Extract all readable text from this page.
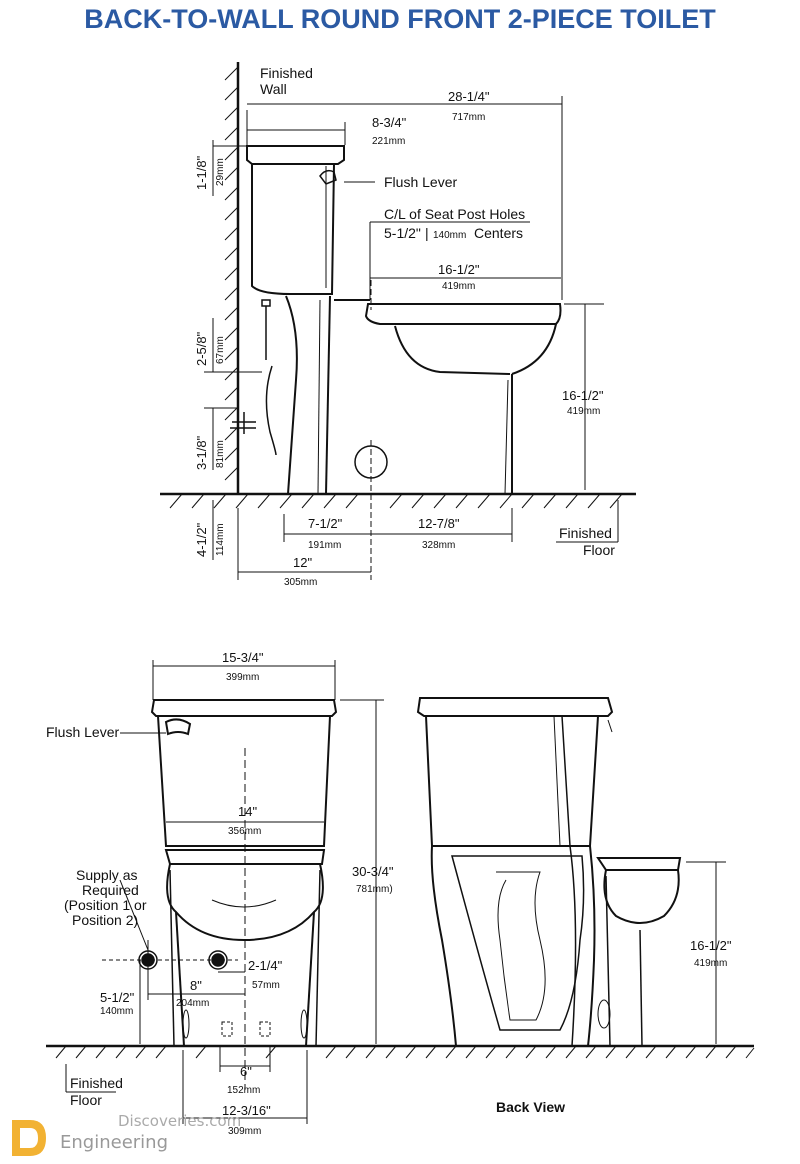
BACK-TO-WALL ROUND FRONT 2-PIECE TOILET
Finished
Wall	28-1/4"
717mm
8-3/4"
221mm
Flush Lever
C/L of Seat Post Holes
5-1/2" | 140mm Centers
16-1/2"
419mm
16-1/2"
419mm
1-1/8" 29mm
2-5/8" 67mm
3-1/8" 81mm
4-1/2" 114mm	7-1/2"
191mm
12-7/8"
328mm
12"
305mm
Finished
Floor
15-3/4"
399mm
Flush Lever
14"
356mm
30-3/4"
781mm)
Supply as
Required
(Position 1 or
Position 2)
2-1/4"
57mm
8"
204mm
5-1/2"
140mm
6"
152mm
12-3/16"
309mm
Finished
Floor
16-1/2"
419mm
Back View
Discoveries.com
Engineering
